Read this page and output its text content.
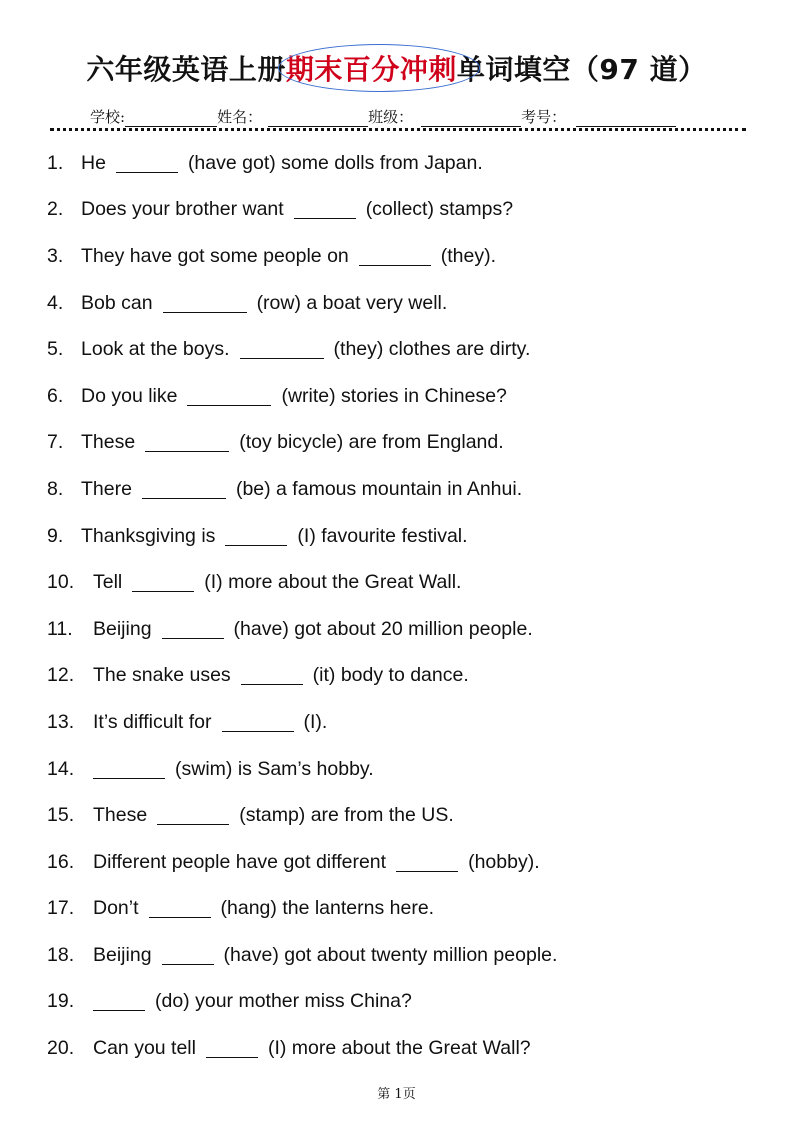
六年级英语上册期末百分冲刺单词填空（97 道）
学校:	姓名：	班级：	考号：
1. He	(have got) some dolls from Japan.
2. Does your brother want	(collect) stamps?
3. They have got some people on	(they).
4. Bob can	(row) a boat very well.
5. Look at the boys.	(they) clothes are dirty.
6. Do you like	(write) stories in Chinese?
7. These	(toy bicycle) are from England.
8. There	(be) a famous mountain in Anhui.
9. Thanksgiving is	(I) favourite festival.
10. Tell	(I) more about the Great Wall.
11.	Beijing	(have) got about 20 million people.
12. The snake uses	(it) body to dance.
13. It’s difficult for	(I).
14.	(swim) is Sam’s hobby.
15. These	(stamp) are from the US.
16. Different people have got different	(hobby).
17. Don’t	(hang) the lanterns here.
18. Beijing	(have) got about twenty million people.
19.	(do) your mother miss China?
20. Can you tell	(I) more about the Great Wall?
第 1页
